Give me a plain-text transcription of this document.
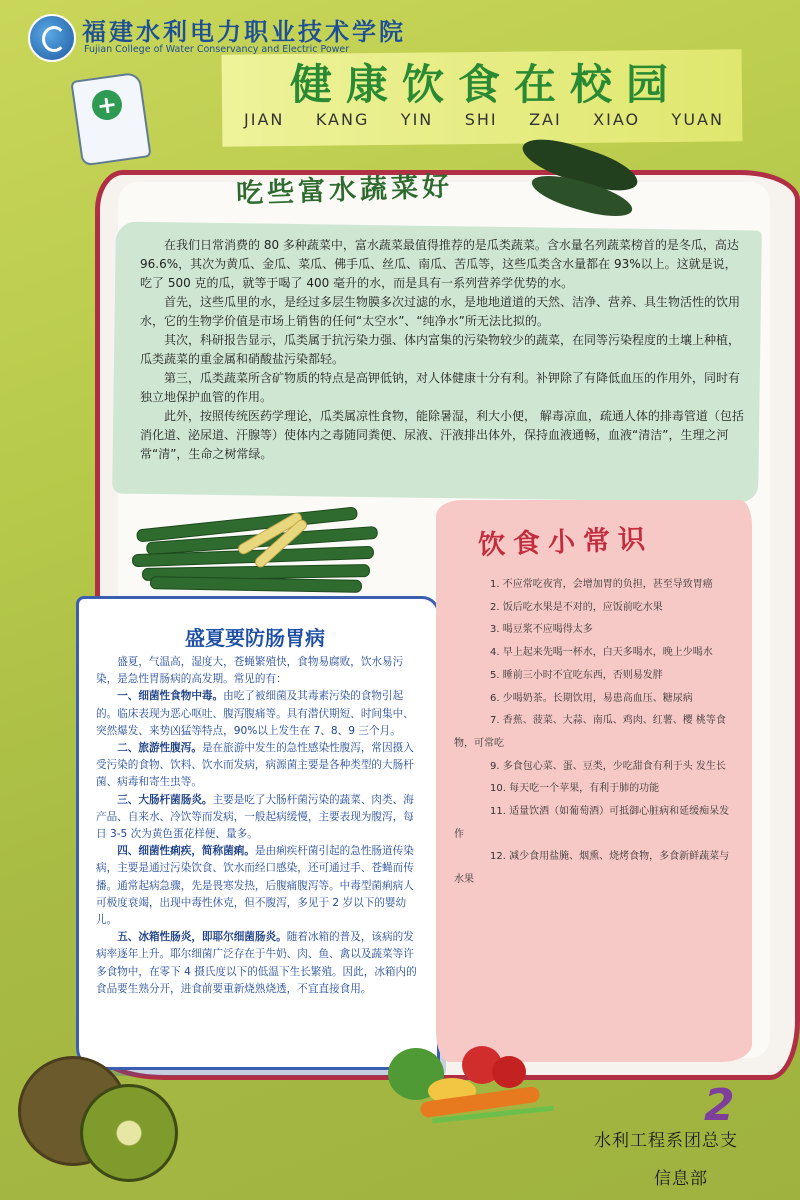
福建水利电力职业技术学院
Fujian College of Water Conservancy and Electric Power
+	健康饮食在校园
JIAN KANG YIN SHI ZAI XIAO YUAN
吃些富水蔬菜好

在我们日常消费的 80 多种蔬菜中，富水蔬菜最值得推荐的是瓜类蔬菜。含水量名列蔬菜榜首的是冬瓜，高达 96.6%，其次为黄瓜、金瓜、菜瓜、佛手瓜、丝瓜、南瓜、苦瓜等，这些瓜类含水量都在 93%以上。这就是说，吃了 500 克的瓜，就等于喝了 400 毫升的水，而是具有一系列营养学优势的水。

首先，这些瓜里的水，是经过多层生物膜多次过滤的水，是地地道道的天然、洁净、营养、具生物活性的饮用水，它的生物学价值是市场上销售的任何“太空水”、“纯净水”所无法比拟的。

其次，科研报告显示，瓜类属于抗污染力强、体内富集的污染物较少的蔬菜，在同等污染程度的土壤上种植，瓜类蔬菜的重金属和硝酸盐污染都轻。

第三，瓜类蔬菜所含矿物质的特点是高钾低钠，对人体健康十分有利。补钾除了有降低血压的作用外，同时有独立地保护血管的作用。

此外，按照传统医药学理论，瓜类属凉性食物，能除暑湿，利大小便， 解毒凉血，疏通人体的排毒管道（包括消化道、泌尿道、汗腺等）使体内之毒随同粪便、尿液、汗液排出体外，保持血液通畅，血液“清洁”，生理之河常“清”，生命之树常绿。

盛夏要防肠胃病

盛夏，气温高，湿度大，苍蝇繁殖快，食物易腐败，饮水易污染，是急性胃肠病的高发期。常见的有：

一、细菌性食物中毒。由吃了被细菌及其毒素污染的食物引起的。临床表现为恶心呕吐、腹泻腹痛等。具有潜伏期短、时间集中、突然爆发、来势凶猛等特点，90%以上发生在 7、8、9 三个月。

二、旅游性腹泻。是在旅游中发生的急性感染性腹泻，常因摄入受污染的食物、饮料、饮水而发病，病源菌主要是各种类型的大肠杆菌、病毒和寄生虫等。

三、大肠杆菌肠炎。主要是吃了大肠杆菌污染的蔬菜、肉类、海产品、自来水、冷饮等而发病，一般起病缓慢，主要表现为腹泻，每日 3-5 次为黄色蛋花样便、量多。

四、细菌性痢疾，简称菌痢。是由痢疾杆菌引起的急性肠道传染病，主要是通过污染饮食、饮水而经口感染，还可通过手、苍蝇而传播。通常起病急骤，先是畏寒发热，后腹痛腹泻等。中毒型菌痢病人可极度衰竭，出现中毒性休克，但不腹泻，多见于 2 岁以下的婴幼儿。

五、冰箱性肠炎，即耶尔细菌肠炎。随着冰箱的普及，该病的发病率逐年上升。耶尔细菌广泛存在于牛奶、肉、鱼、禽以及蔬菜等许多食物中，在零下 4 摄氏度以下的低温下生长繁殖。因此，冰箱内的食品要生熟分开，进食前要重新烧熟烧透，不宜直接食用。

饮食小常识
1. 不应常吃夜宵，会增加胃的负担，甚至导致胃癌
2. 饭后吃水果是不对的，应饭前吃水果
3. 喝豆浆不应喝得太多
4. 早上起来先喝一杯水，白天多喝水，晚上少喝水
5. 睡前三小时不宜吃东西，否则易发胖
6. 少喝奶茶。长期饮用，易患高血压、糖尿病
7. 香蕉、菠菜、大蒜、南瓜、鸡肉、红薯、樱 桃等食物，可常吃
9. 多食包心菜、蛋、豆类，少吃甜食有利于头 发生长
10. 每天吃一个苹果，有利于肺的功能
11. 适量饮酒（如葡萄酒）可抵御心脏病和延缓痴呆发作
12. 减少食用盐腌、烟熏、烧烤食物，多食新鲜蔬菜与水果
2
水利工程系团总支
信息部
